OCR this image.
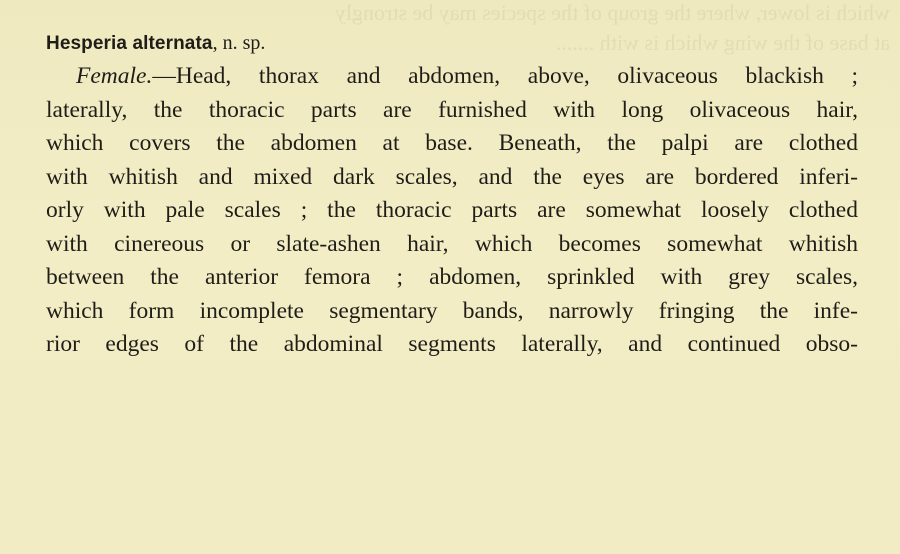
which is lower, where the group of the species may be strongly
at base of the wing which is with .......
Hesperia alternata, n. sp.
Female.—Head, thorax and abdomen, above, olivaceous blackish ;
laterally, the thoracic parts are furnished with long olivaceous hair,
which covers the abdomen at base. Beneath, the palpi are clothed
with whitish and mixed dark scales, and the eyes are bordered inferi-
orly with pale scales ; the thoracic parts are somewhat loosely clothed
with cinereous or slate-ashen hair, which becomes somewhat whitish
between the anterior femora ; abdomen, sprinkled with grey scales,
which form incomplete segmentary bands, narrowly fringing the infe-
rior edges of the abdominal segments laterally, and continued obso-
